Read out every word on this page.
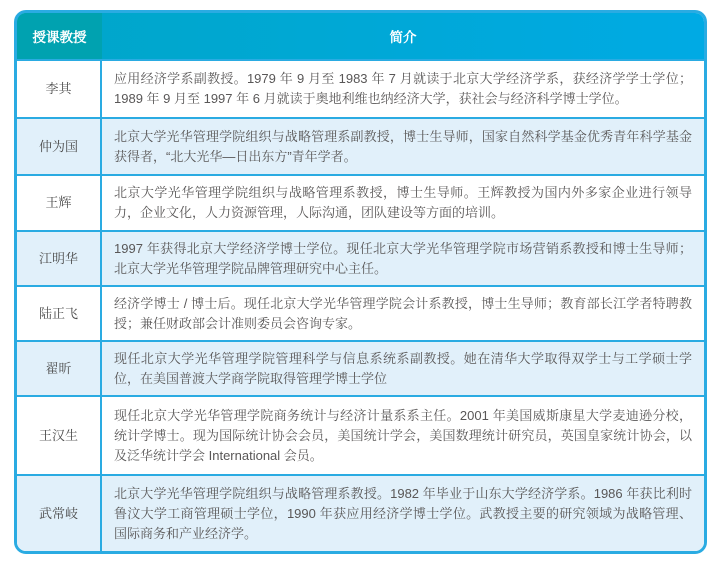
授课教授	简介
李其
应用经济学系副教授。1979 年 9 月至 1983 年 7 月就读于北京大学经济学系，获经济学学士学位；1989 年 9 月至 1997 年 6 月就读于奥地利维也纳经济大学，获社会与经济科学博士学位。
仲为国
北京大学光华管理学院组织与战略管理系副教授，博士生导师，国家自然科学基金优秀青年科学基金获得者，“北大光华—日出东方”青年学者。
王辉
北京大学光华管理学院组织与战略管理系教授，博士生导师。王辉教授为国内外多家企业进行领导力，企业文化，人力资源管理，人际沟通，团队建设等方面的培训。
江明华
1997 年获得北京大学经济学博士学位。现任北京大学光华管理学院市场营销系教授和博士生导师；北京大学光华管理学院品牌管理研究中心主任。
陆正飞
经济学博士 / 博士后。现任北京大学光华管理学院会计系教授，博士生导师；教育部长江学者特聘教授；兼任财政部会计准则委员会咨询专家。
翟昕
现任北京大学光华管理学院管理科学与信息系统系副教授。她在清华大学取得双学士与工学硕士学位，在美国普渡大学商学院取得管理学博士学位
王汉生
现任北京大学光华管理学院商务统计与经济计量系系主任。2001 年美国威斯康星大学麦迪逊分校，统计学博士。现为国际统计协会会员，美国统计学会，美国数理统计研究员，英国皇家统计协会，以及泛华统计学会 International 会员。
武常岐
北京大学光华管理学院组织与战略管理系教授。1982 年毕业于山东大学经济学系。1986 年获比利时鲁汶大学工商管理硕士学位，1990 年获应用经济学博士学位。武教授主要的研究领域为战略管理、国际商务和产业经济学。
